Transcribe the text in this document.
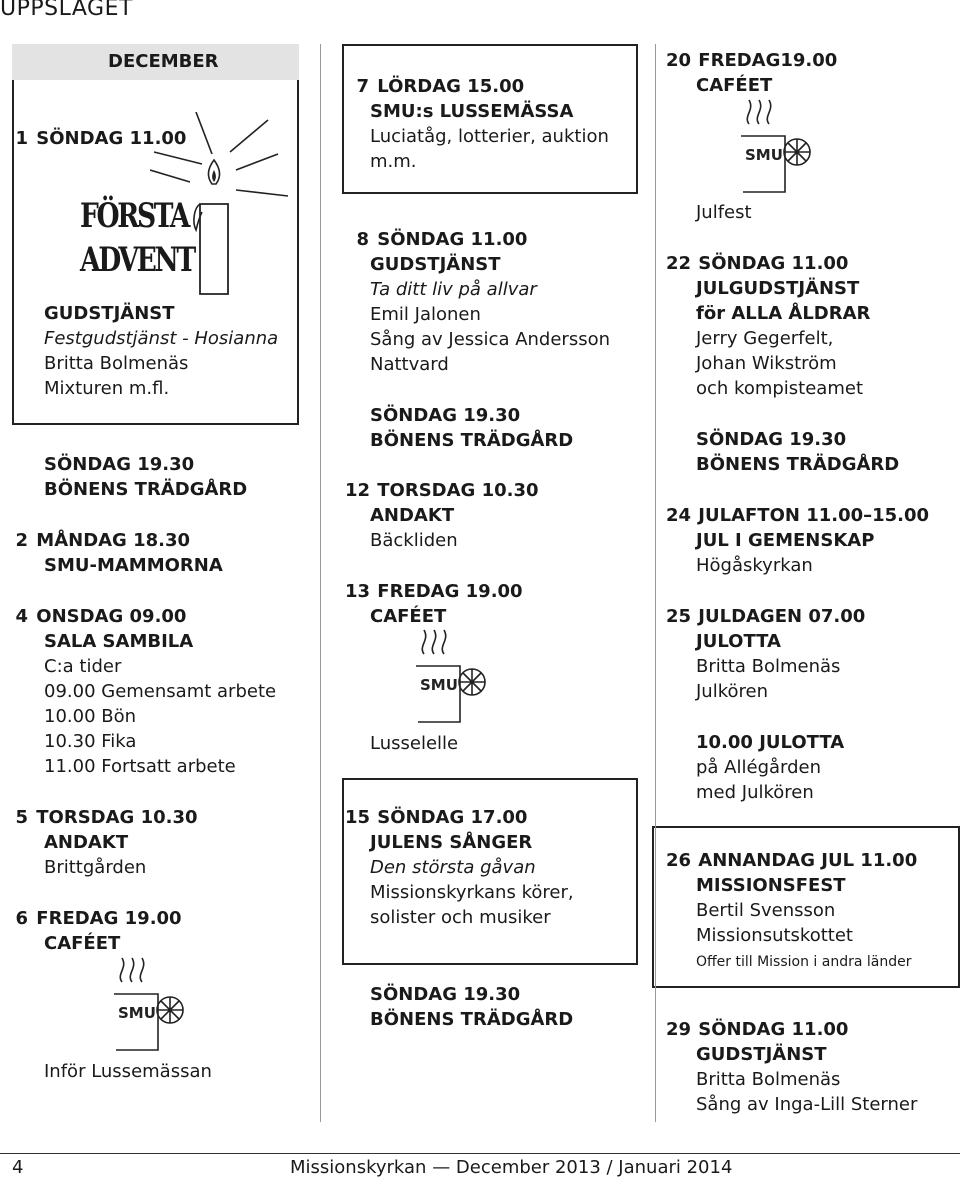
UPPSLAGET
DECEMBER
1 SÖNDAG 11.00
FÖRSTA
ADVENT
GUDSTJÄNST
Festgudstjänst - Hosianna
Britta Bolmenäs
Mixturen m.fl.
SÖNDAG 19.30
BÖNENS TRÄDGÅRD
2 MÅNDAG 18.30
SMU-MAMMORNA
4 ONSDAG 09.00
SALA SAMBILA
C:a tider
09.00 Gemensamt arbete
10.00 Bön
10.30 Fika
11.00 Fortsatt arbete
5 TORSDAG 10.30
ANDAKT
Brittgården
6 FREDAG 19.00
CAFÉET
SMU
Inför Lussemässan
7 LÖRDAG 15.00
SMU:s LUSSEMÄSSA
Luciatåg, lotterier, auktion
m.m.
8 SÖNDAG 11.00
GUDSTJÄNST
Ta ditt liv på allvar
Emil Jalonen
Sång av Jessica Andersson
Nattvard
SÖNDAG 19.30
BÖNENS TRÄDGÅRD
12 TORSDAG 10.30
ANDAKT
Bäckliden
13 FREDAG 19.00
CAFÉET
SMU
Lusselelle
15 SÖNDAG 17.00
JULENS SÅNGER
Den största gåvan
Missionskyrkans körer,
solister och musiker
SÖNDAG 19.30
BÖNENS TRÄDGÅRD
20 FREDAG19.00
CAFÉET
SMU
Julfest
22 SÖNDAG 11.00
JULGUDSTJÄNST
för ALLA ÅLDRAR
Jerry Gegerfelt,
Johan Wikström
och kompisteamet
SÖNDAG 19.30
BÖNENS TRÄDGÅRD
24 JULAFTON 11.00–15.00
JUL I GEMENSKAP
Högåskyrkan
25 JULDAGEN 07.00
JULOTTA
Britta Bolmenäs
Julkören
10.00 JULOTTA
på Allégården
med Julkören
26 ANNANDAG JUL 11.00
MISSIONSFEST
Bertil Svensson
Missionsutskottet
Offer till Mission i andra länder
29 SÖNDAG 11.00
GUDSTJÄNST
Britta Bolmenäs
Sång av Inga-Lill Sterner
4	Missionskyrkan — December 2013 / Januari 2014
